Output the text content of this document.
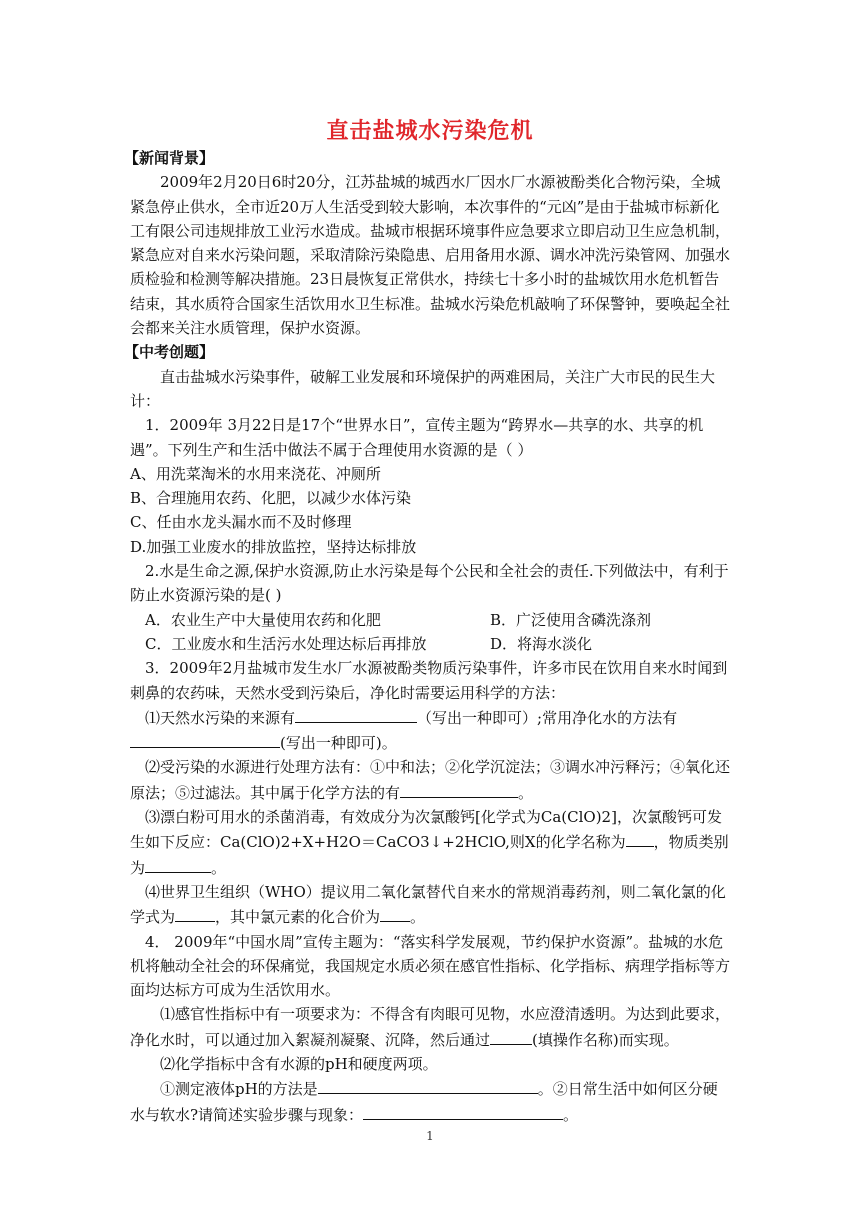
直击盐城水污染危机

【新闻背景】

2009年2月20日6时20分，江苏盐城的城西水厂因水厂水源被酚类化合物污染，全城紧急停止供水，全市近20万人生活受到较大影响，本次事件的“元凶”是由于盐城市标新化工有限公司违规排放工业污水造成。盐城市根据环境事件应急要求立即启动卫生应急机制，紧急应对自来水污染问题，采取清除污染隐患、启用备用水源、调水冲洗污染管网、加强水质检验和检测等解决措施。23日晨恢复正常供水，持续七十多小时的盐城饮用水危机暂告结束，其水质符合国家生活饮用水卫生标准。盐城水污染危机敲响了环保警钟，要唤起全社会都来关注水质管理，保护水资源。

【中考创题】

直击盐城水污染事件，破解工业发展和环境保护的两难困局，关注广大市民的民生大计：

1．2009年 3月22日是17个“世界水日”，宣传主题为“跨界水—共享的水、共享的机遇”。下列生产和生活中做法不属于合理使用水资源的是（ ）

A、用洗菜淘米的水用来浇花、冲厕所

B、合理施用农药、化肥，以减少水体污染

C、任由水龙头漏水而不及时修理

D.加强工业废水的排放监控，坚持达标排放

2.水是生命之源,保护水资源,防止水污染是每个公民和全社会的责任.下列做法中，有利于防止水资源污染的是( )

A．农业生产中大量使用农药和化肥	B．广泛使用含磷洗涤剂
C．工业废水和生活污水处理达标后再排放	D．将海水淡化

3．2009年2月盐城市发生水厂水源被酚类物质污染事件，许多市民在饮用自来水时闻到刺鼻的农药味，天然水受到污染后，净化时需要运用科学的方法：

⑴天然水污染的来源有	（写出一种即可）;常用净化水的方法有(写出一种即可)。

⑵受污染的水源进行处理方法有：①中和法；②化学沉淀法；③调水冲污释污；④氧化还原法；⑤过滤法。其中属于化学方法的有	。

⑶漂白粉可用水的杀菌消毒，有效成分为次氯酸钙[化学式为Ca(ClO)2]，次氯酸钙可发生如下反应：Ca(ClO)2+X+H2O＝CaCO3↓+2HClO,则X的化学名称为 ，物质类别为	。

⑷世界卫生组织（WHO）提议用二氧化氯替代自来水的常规消毒药剂，则二氧化氯的化学式为	，其中氯元素的化合价为 。

4． 2009年“中国水周”宣传主题为：“落实科学发展观，节约保护水资源”。盐城的水危机将触动全社会的环保痛觉，我国规定水质必须在感官性指标、化学指标、病理学指标等方面均达标方可成为生活饮用水。

⑴感官性指标中有一项要求为：不得含有肉眼可见物，水应澄清透明。为达到此要求，净化水时，可以通过加入絮凝剂凝聚、沉降，然后通过	(填操作名称)而实现。

⑵化学指标中含有水源的pH和硬度两项。

①测定液体pH的方法是	。②日常生活中如何区分硬水与软水?请简述实验步骤与现象：	。

1
